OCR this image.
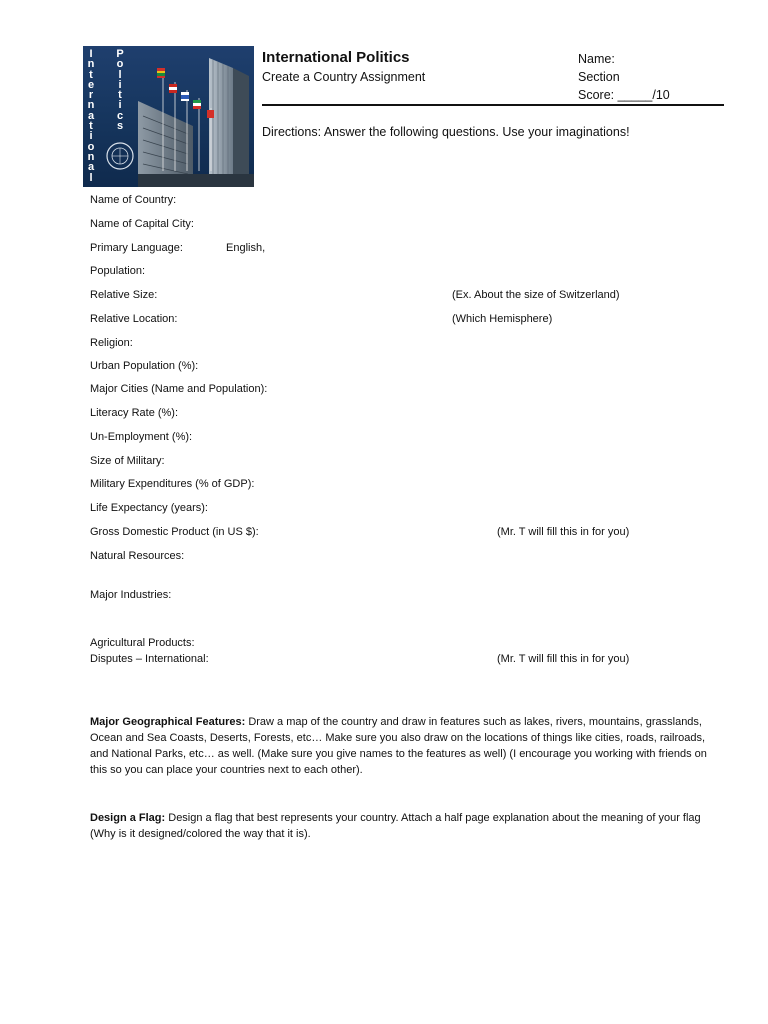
I
n
t
e
r
n
a
t
i
o
n
a
l
P
o
l
i
t
i
c
s
International Politics
Create a Country Assignment
Name:
Section
Score: _____/10
Directions: Answer the following questions. Use your imaginations!
Name of Country:
Name of Capital City:
Primary Language:
Population:
Relative Size:
Relative Location:
Religion:
Urban Population (%):
Major Cities (Name and Population):
Literacy Rate (%):
Un-Employment (%):
Size of Military:
Military Expenditures (% of GDP):
Life Expectancy (years):
Gross Domestic Product (in US $):
Natural Resources:
Major Industries:
Agricultural Products:
Disputes – International:
English,
(Ex. About the size of Switzerland)
(Which Hemisphere)
(Mr. T will fill this in for you)
(Mr. T will fill this in for you)
Major Geographical Features: Draw a map of the country and draw in features such as lakes, rivers, mountains, grasslands, Ocean and Sea Coasts, Deserts, Forests, etc… Make sure you also draw on the locations of things like cities, roads, railroads, and National Parks, etc… as well. (Make sure you give names to the features as well) (I encourage you working with friends on this so you can place your countries next to each other).
Design a Flag: Design a flag that best represents your country. Attach a half page explanation about the meaning of your flag (Why is it designed/colored the way that it is).
